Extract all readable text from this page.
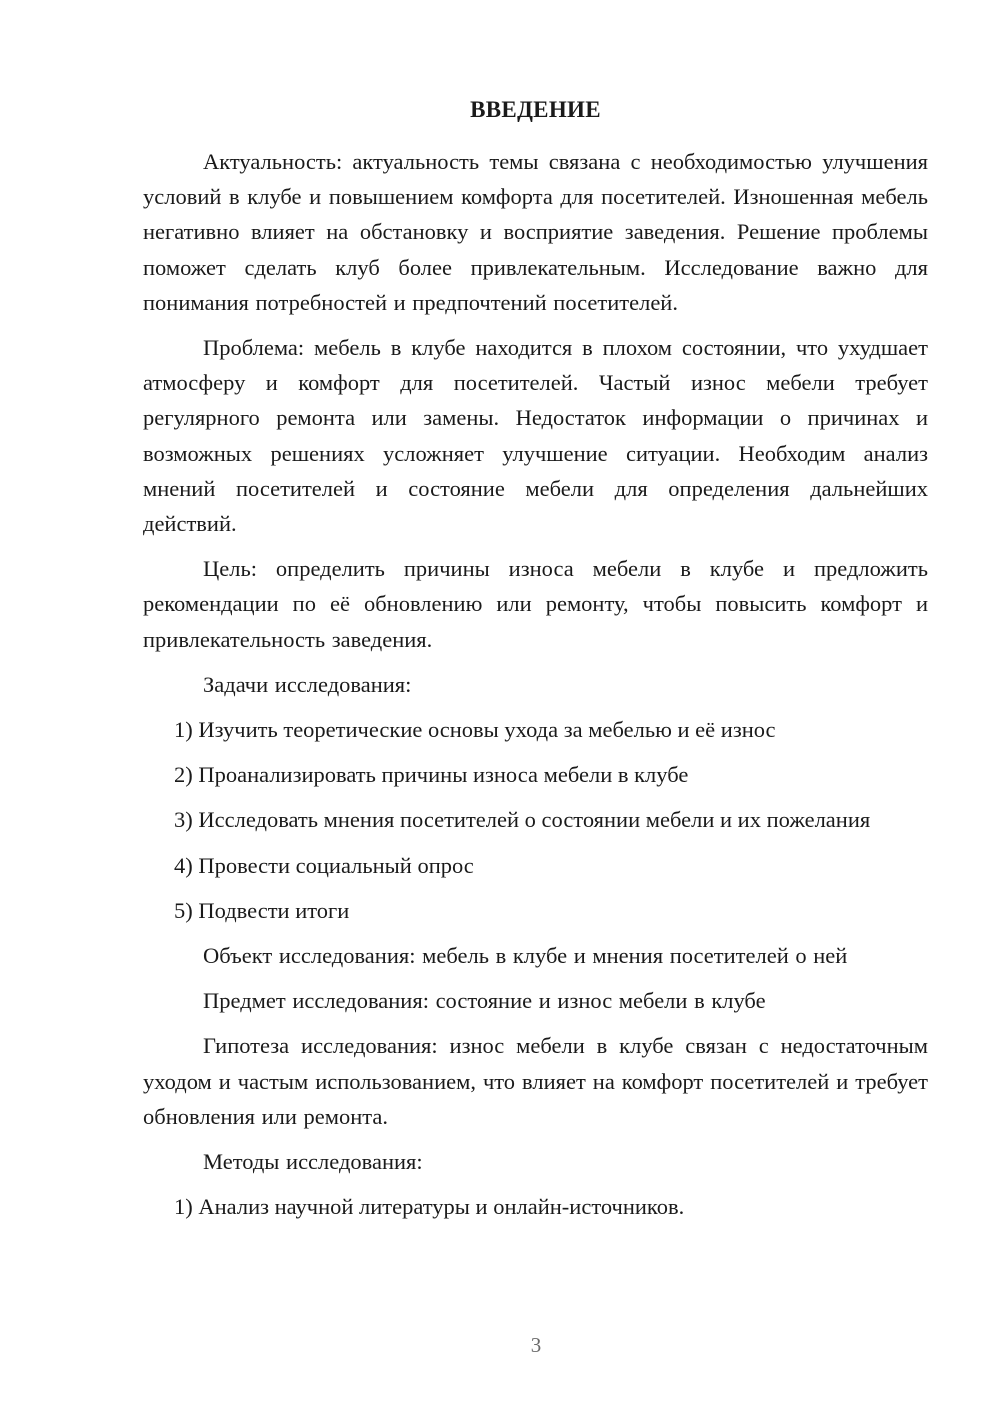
ВВЕДЕНИЕ
Актуальность: актуальность темы связана с необходимостью улучшения условий в клубе и повышением комфорта для посетителей. Изношенная мебель негативно влияет на обстановку и восприятие заведения. Решение проблемы поможет сделать клуб более привлекательным. Исследование важно для понимания потребностей и предпочтений посетителей.
Проблема: мебель в клубе находится в плохом состоянии, что ухудшает атмосферу и комфорт для посетителей. Частый износ мебели требует регулярного ремонта или замены. Недостаток информации о причинах и возможных решениях усложняет улучшение ситуации. Необходим анализ мнений посетителей и состояние мебели для определения дальнейших действий.
Цель: определить причины износа мебели в клубе и предложить рекомендации по её обновлению или ремонту, чтобы повысить комфорт и привлекательность заведения.
Задачи исследования:
1) Изучить теоретические основы ухода за мебелью и её износ
2) Проанализировать причины износа мебели в клубе
3) Исследовать мнения посетителей о состоянии мебели и их пожелания
4) Провести социальный опрос
5) Подвести итоги
Объект исследования: мебель в клубе и мнения посетителей о ней
Предмет исследования: состояние и износ мебели в клубе
Гипотеза исследования: износ мебели в клубе связан с недостаточным уходом и частым использованием, что влияет на комфорт посетителей и требует обновления или ремонта.
Методы исследования:
1) Анализ научной литературы и онлайн-источников.
3
